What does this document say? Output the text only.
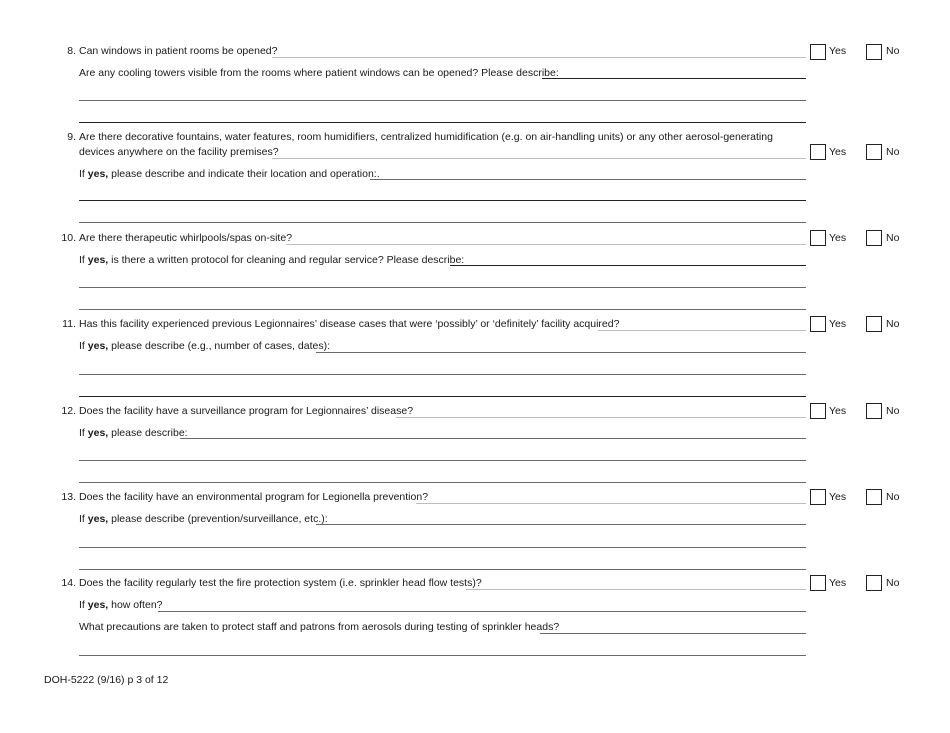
8. Can windows in patient rooms be opened?
Are any cooling towers visible from the rooms where patient windows can be opened? Please describe:
Yes	No
9. Are there decorative fountains, water features, room humidifiers, centralized humidification (e.g. on air-handling units) or any other aerosol-generating
devices anywhere on the facility premises?
If yes, please describe and indicate their location and operation:.
Yes	No
10. Are there therapeutic whirlpools/spas on-site?
If yes, is there a written protocol for cleaning and regular service? Please describe:
Yes	No
11. Has this facility experienced previous Legionnaires’ disease cases that were ‘possibly’ or ‘definitely’ facility acquired?
If yes, please describe (e.g., number of cases, dates):
Yes	No
12. Does the facility have a surveillance program for Legionnaires’ disease?
If yes, please describe:
Yes	No
13. Does the facility have an environmental program for Legionella prevention?
If yes, please describe (prevention/surveillance, etc.):
Yes	No
14. Does the facility regularly test the fire protection system (i.e. sprinkler head flow tests)?
If yes, how often?
What precautions are taken to protect staff and patrons from aerosols during testing of sprinkler heads?
Yes	No
DOH-5222 (9/16) p 3 of 12
